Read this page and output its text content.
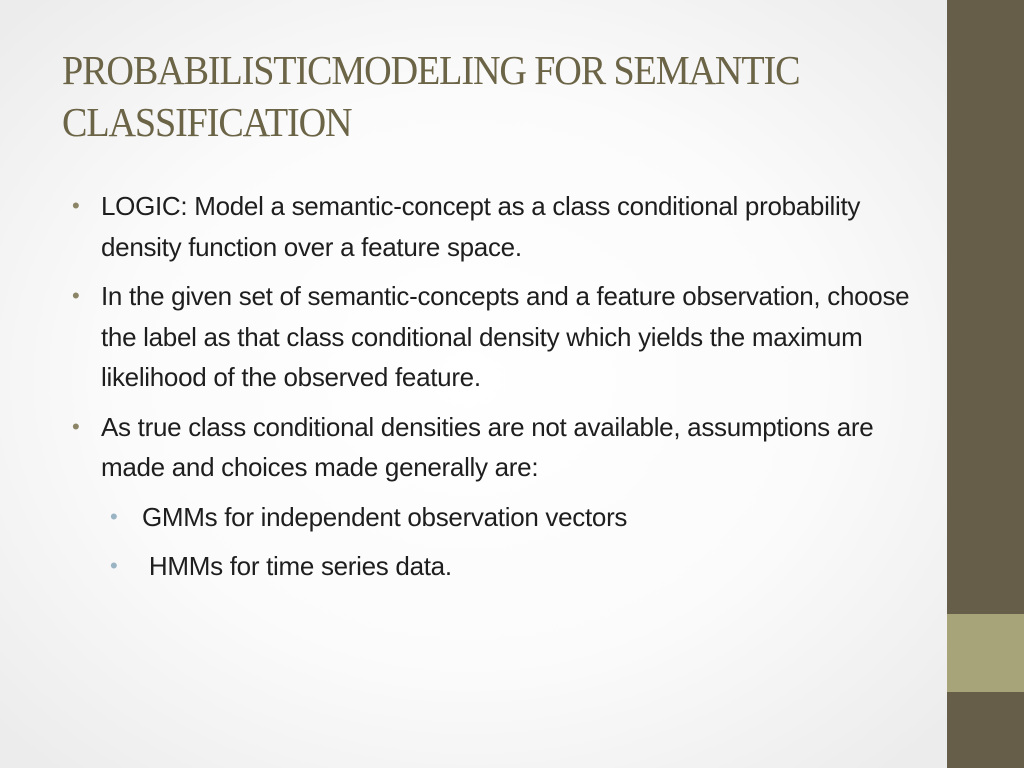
PROBABILISTICMODELING FOR SEMANTIC CLASSIFICATION
• LOGIC: Model a semantic-concept as a class conditional probability density function over a feature space.
• In the given set of semantic-concepts and a feature observation, choose the label as that class conditional density which yields the maximum likelihood of the observed feature.
• As true class conditional densities are not available, assumptions are made and choices made generally are:
• GMMs for independent observation vectors
• HMMs for time series data.
